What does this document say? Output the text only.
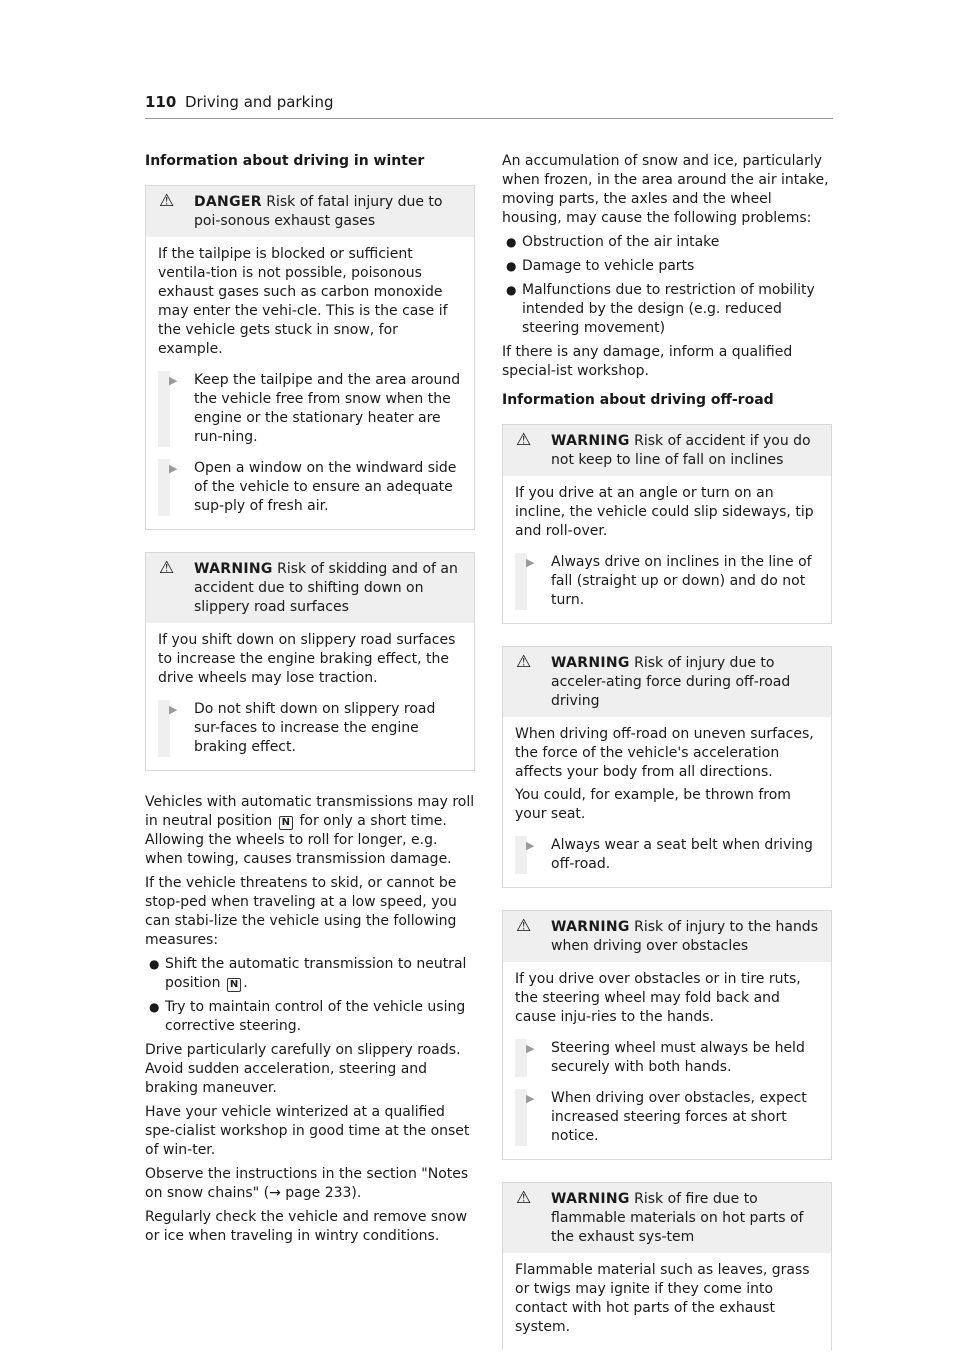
110 Driving and parking
Information about driving in winter
⚠ DANGER Risk of fatal injury due to poi-sonous exhaust gases

If the tailpipe is blocked or sufficient ventila-tion is not possible, poisonous exhaust gases such as carbon monoxide may enter the vehi-cle. This is the case if the vehicle gets stuck in snow, for example.

▶ Keep the tailpipe and the area around the vehicle free from snow when the engine or the stationary heater are run-ning.
▶ Open a window on the windward side of the vehicle to ensure an adequate sup-ply of fresh air.
⚠ WARNING Risk of skidding and of an accident due to shifting down on slippery road surfaces

If you shift down on slippery road surfaces to increase the engine braking effect, the drive wheels may lose traction.

▶ Do not shift down on slippery road sur-faces to increase the engine braking effect.

Vehicles with automatic transmissions may roll in neutral position N for only a short time. Allowing the wheels to roll for longer, e.g. when towing, causes transmission damage.

If the vehicle threatens to skid, or cannot be stop-ped when traveling at a low speed, you can stabi-lize the vehicle using the following measures:

● Shift the automatic transmission to neutral position N .
● Try to maintain control of the vehicle using corrective steering.

Drive particularly carefully on slippery roads. Avoid sudden acceleration, steering and braking maneuver.

Have your vehicle winterized at a qualified spe-cialist workshop in good time at the onset of win-ter.

Observe the instructions in the section "Notes on snow chains" (→ page 233).

Regularly check the vehicle and remove snow or ice when traveling in wintry conditions.

An accumulation of snow and ice, particularly when frozen, in the area around the air intake, moving parts, the axles and the wheel housing, may cause the following problems:

● Obstruction of the air intake
● Damage to vehicle parts
● Malfunctions due to restriction of mobility intended by the design (e.g. reduced steering movement)

If there is any damage, inform a qualified special-ist workshop.

Information about driving off-road
⚠ WARNING Risk of accident if you do not keep to line of fall on inclines

If you drive at an angle or turn on an incline, the vehicle could slip sideways, tip and roll-over.

▶ Always drive on inclines in the line of fall (straight up or down) and do not turn.
⚠ WARNING Risk of injury due to acceler-ating force during off-road driving

When driving off-road on uneven surfaces, the force of the vehicle's acceleration affects your body from all directions.

You could, for example, be thrown from your seat.

▶ Always wear a seat belt when driving off-road.
⚠ WARNING Risk of injury to the hands when driving over obstacles

If you drive over obstacles or in tire ruts, the steering wheel may fold back and cause inju-ries to the hands.

▶ Steering wheel must always be held securely with both hands.
▶ When driving over obstacles, expect increased steering forces at short notice.
⚠ WARNING Risk of fire due to flammable materials on hot parts of the exhaust sys-tem

Flammable material such as leaves, grass or twigs may ignite if they come into contact with hot parts of the exhaust system.
